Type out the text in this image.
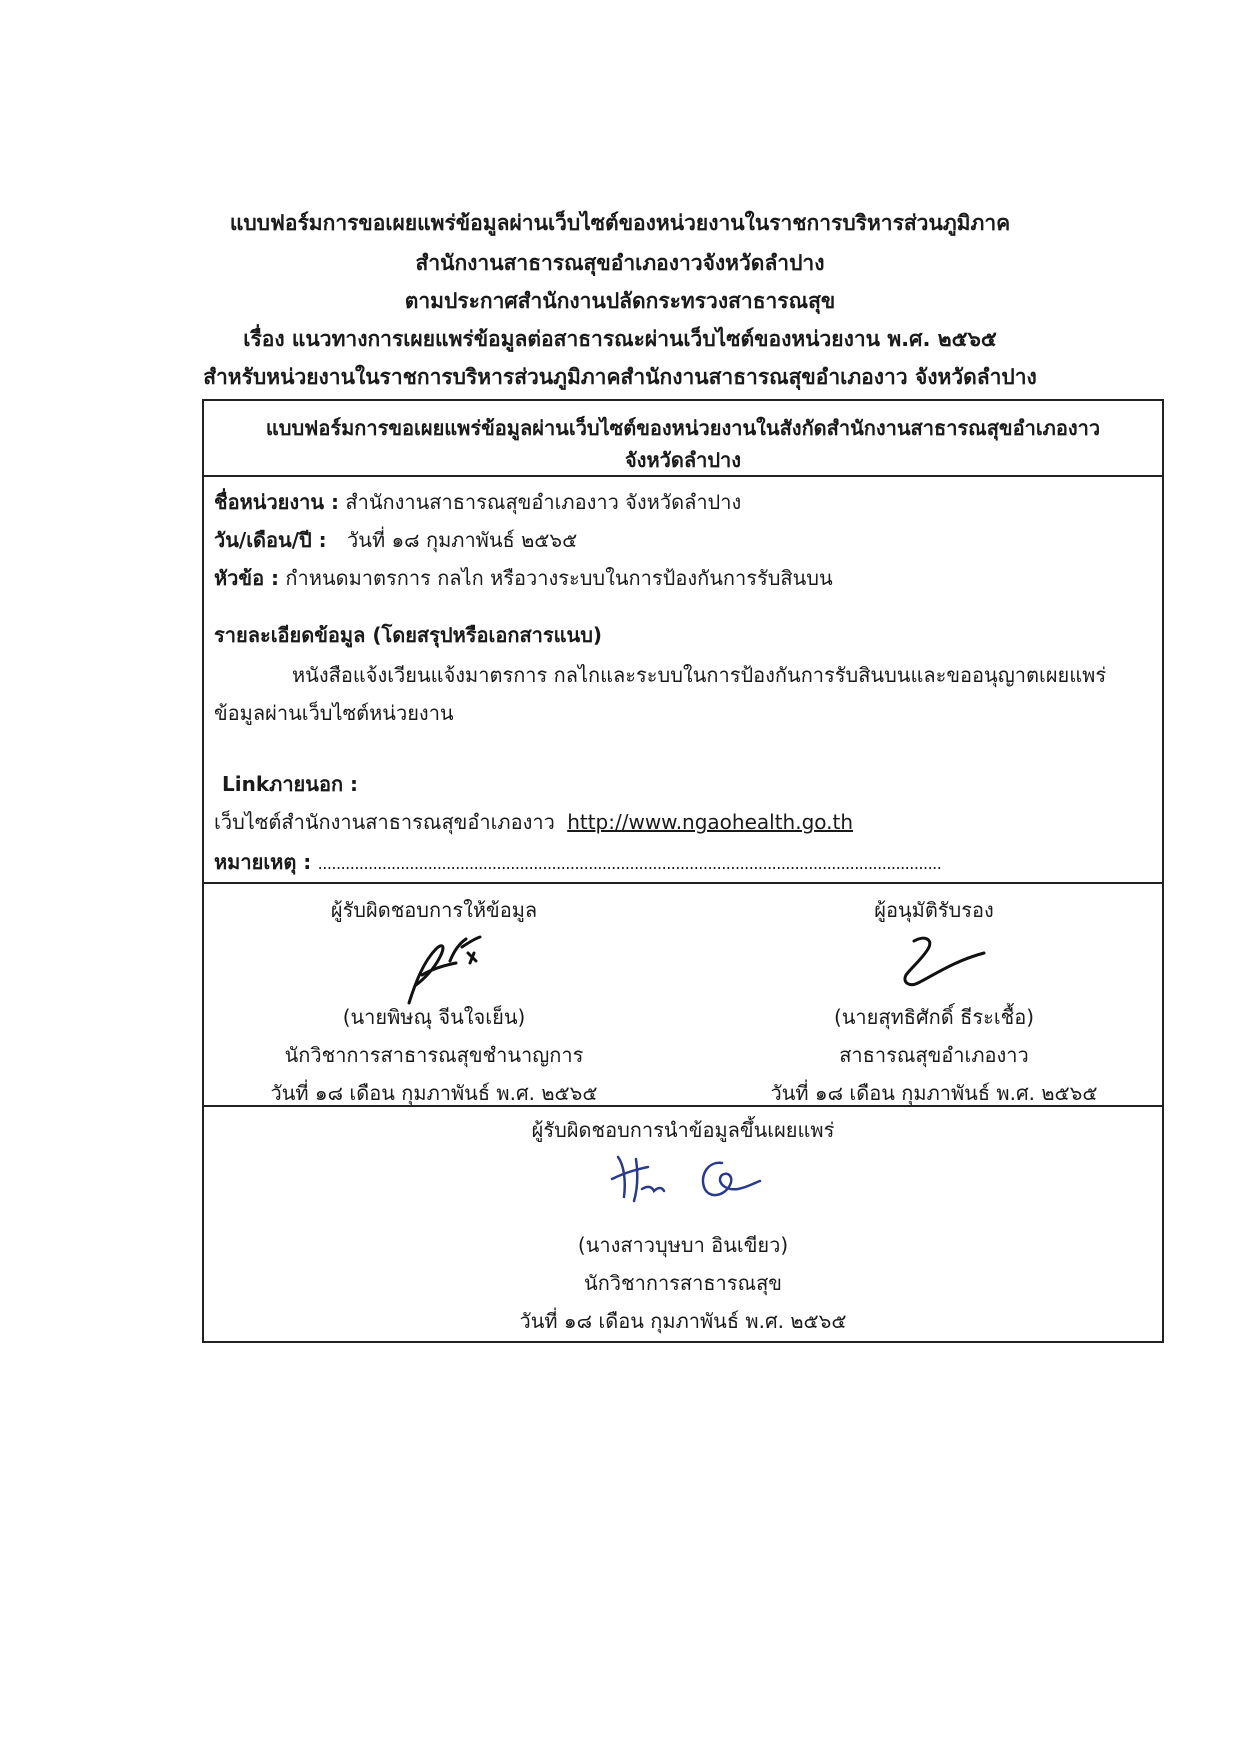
แบบฟอร์มการขอเผยแพร่ข้อมูลผ่านเว็บไซต์ของหน่วยงานในราชการบริหารส่วนภูมิภาค
สำนักงานสาธารณสุขอำเภองาวจังหวัดลำปาง
ตามประกาศสำนักงานปลัดกระทรวงสาธารณสุข
เรื่อง แนวทางการเผยแพร่ข้อมูลต่อสาธารณะผ่านเว็บไซต์ของหน่วยงาน พ.ศ. ๒๕๖๕
สำหรับหน่วยงานในราชการบริหารส่วนภูมิภาคสำนักงานสาธารณสุขอำเภองาว จังหวัดลำปาง
แบบฟอร์มการขอเผยแพร่ข้อมูลผ่านเว็บไซต์ของหน่วยงานในสังกัดสำนักงานสาธารณสุขอำเภองาว
จังหวัดลำปาง
ชื่อหน่วยงาน : สำนักงานสาธารณสุขอำเภองาว จังหวัดลำปาง
วัน/เดือน/ปี : วันที่ ๑๘ กุมภาพันธ์ ๒๕๖๕
หัวข้อ : กำหนดมาตรการ กลไก หรือวางระบบในการป้องกันการรับสินบน
รายละเอียดข้อมูล (โดยสรุปหรือเอกสารแนบ)
หนังสือแจ้งเวียนแจ้งมาตรการ กลไกและระบบในการป้องกันการรับสินบนและขออนุญาตเผยแพร่
ข้อมูลผ่านเว็บไซต์หน่วยงาน
Linkภายนอก :
เว็บไซต์สำนักงานสาธารณสุขอำเภองาว http://www.ngaohealth.go.th
หมายเหตุ : ........................................................................................................................................
ผู้รับผิดชอบการให้ข้อมูล
(นายพิษณุ จีนใจเย็น)
นักวิชาการสาธารณสุขชำนาญการ
วันที่ ๑๘ เดือน กุมภาพันธ์ พ.ศ. ๒๕๖๕
ผู้อนุมัติรับรอง
(นายสุทธิศักดิ์ ธีระเชื้อ)
สาธารณสุขอำเภองาว
วันที่ ๑๘ เดือน กุมภาพันธ์ พ.ศ. ๒๕๖๕
ผู้รับผิดชอบการนำข้อมูลขึ้นเผยแพร่
(นางสาวบุษบา อินเขียว)
นักวิชาการสาธารณสุข
วันที่ ๑๘ เดือน กุมภาพันธ์ พ.ศ. ๒๕๖๕
